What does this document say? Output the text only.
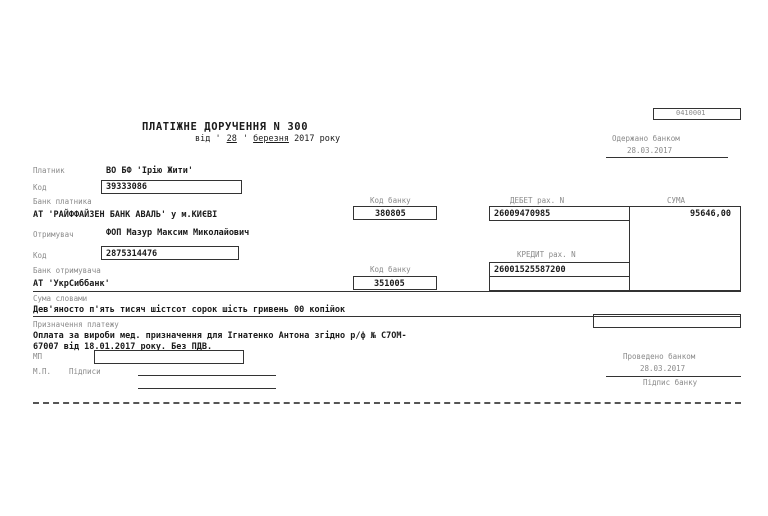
0410001
ПЛАТІЖНЕ ДОРУЧЕННЯ N 300
від ' 28 ' березня 2017 року	Одержано банком
28.03.2017
Платник	ВО БФ 'Ірію Жити'
Код	39333086
Банк платника
АТ 'РАЙФФАЙЗЕН БАНК АВАЛЬ' у м.КИЄВІ
Код банку
380805
ДЕБЕТ рах. N	СУМА
26009470985	95646,00
Отримувач	ФОП Мазур Максим Миколайович
Код	2875314476	КРЕДИТ рах. N
26001525587200
Банк отримувача	Код банку
АТ 'УкрСиббанк'	351005
Сума словами
Дев'яносто п'ять тисяч шістсот сорок шість гривень 00 копійок
Призначення платежу
Оплата за вироби мед. призначення для Ігнатенко Антона згідно р/ф № С7ОМ-
67007 від 18.01.2017 року. Без ПДВ.
МП
М.П. Підписи
Проведено банком
28.03.2017
Підпис банку
